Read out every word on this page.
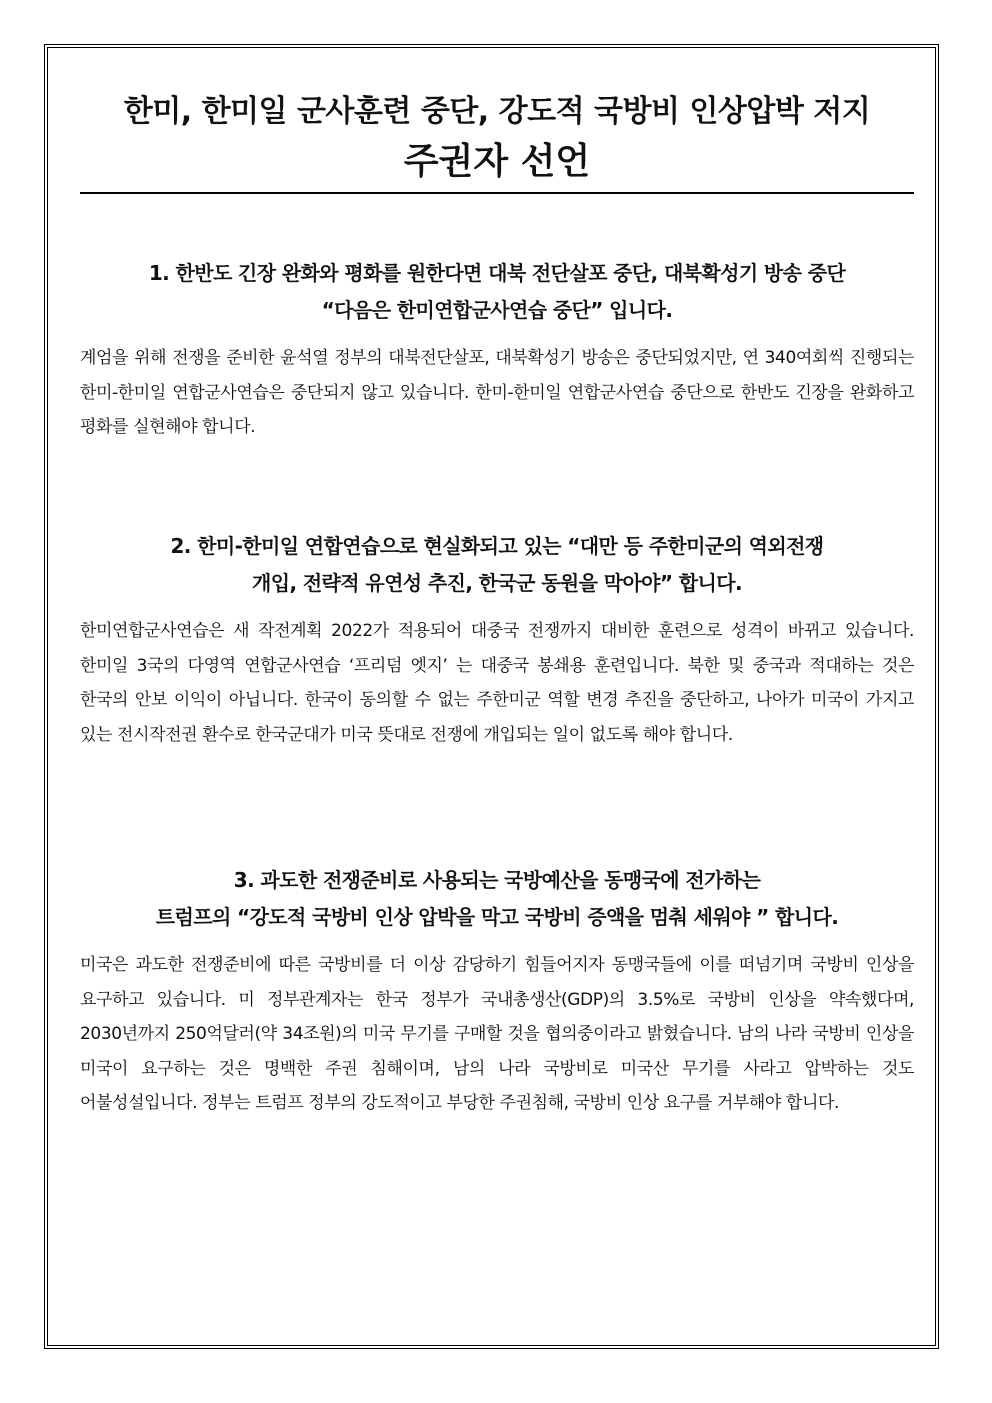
한미, 한미일 군사훈련 중단, 강도적 국방비 인상압박 저지
주권자 선언
1. 한반도 긴장 완화와 평화를 원한다면 대북 전단살포 중단, 대북확성기 방송 중단
“다음은 한미연합군사연습 중단” 입니다.
계엄을 위해 전쟁을 준비한 윤석열 정부의 대북전단살포, 대북확성기 방송은 중단되었지만, 연 340여회씩 진행되는 한미-한미일 연합군사연습은 중단되지 않고 있습니다. 한미-한미일 연합군사연습 중단으로 한반도 긴장을 완화하고 평화를 실현해야 합니다.
2. 한미-한미일 연합연습으로 현실화되고 있는 “대만 등 주한미군의 역외전쟁
개입, 전략적 유연성 추진, 한국군 동원을 막아야” 합니다.
한미연합군사연습은 새 작전계획 2022가 적용되어 대중국 전쟁까지 대비한 훈련으로 성격이 바뀌고 있습니다. 한미일 3국의 다영역 연합군사연습 ‘프리덤 엣지’ 는 대중국 봉쇄용 훈련입니다. 북한 및 중국과 적대하는 것은 한국의 안보 이익이 아닙니다. 한국이 동의할 수 없는 주한미군 역할 변경 추진을 중단하고, 나아가 미국이 가지고 있는 전시작전권 환수로 한국군대가 미국 뜻대로 전쟁에 개입되는 일이 없도록 해야 합니다.
3. 과도한 전쟁준비로 사용되는 국방예산을 동맹국에 전가하는
트럼프의 “강도적 국방비 인상 압박을 막고 국방비 증액을 멈춰 세워야 ” 합니다.
미국은 과도한 전쟁준비에 따른 국방비를 더 이상 감당하기 힘들어지자 동맹국들에 이를 떠넘기며 국방비 인상을 요구하고 있습니다. 미 정부관계자는 한국 정부가 국내총생산(GDP)의 3.5%로 국방비 인상을 약속했다며, 2030년까지 250억달러(약 34조원)의 미국 무기를 구매할 것을 협의중이라고 밝혔습니다. 남의 나라 국방비 인상을 미국이 요구하는 것은 명백한 주권 침해이며, 남의 나라 국방비로 미국산 무기를 사라고 압박하는 것도 어불성설입니다. 정부는 트럼프 정부의 강도적이고 부당한 주권침해, 국방비 인상 요구를 거부해야 합니다.
